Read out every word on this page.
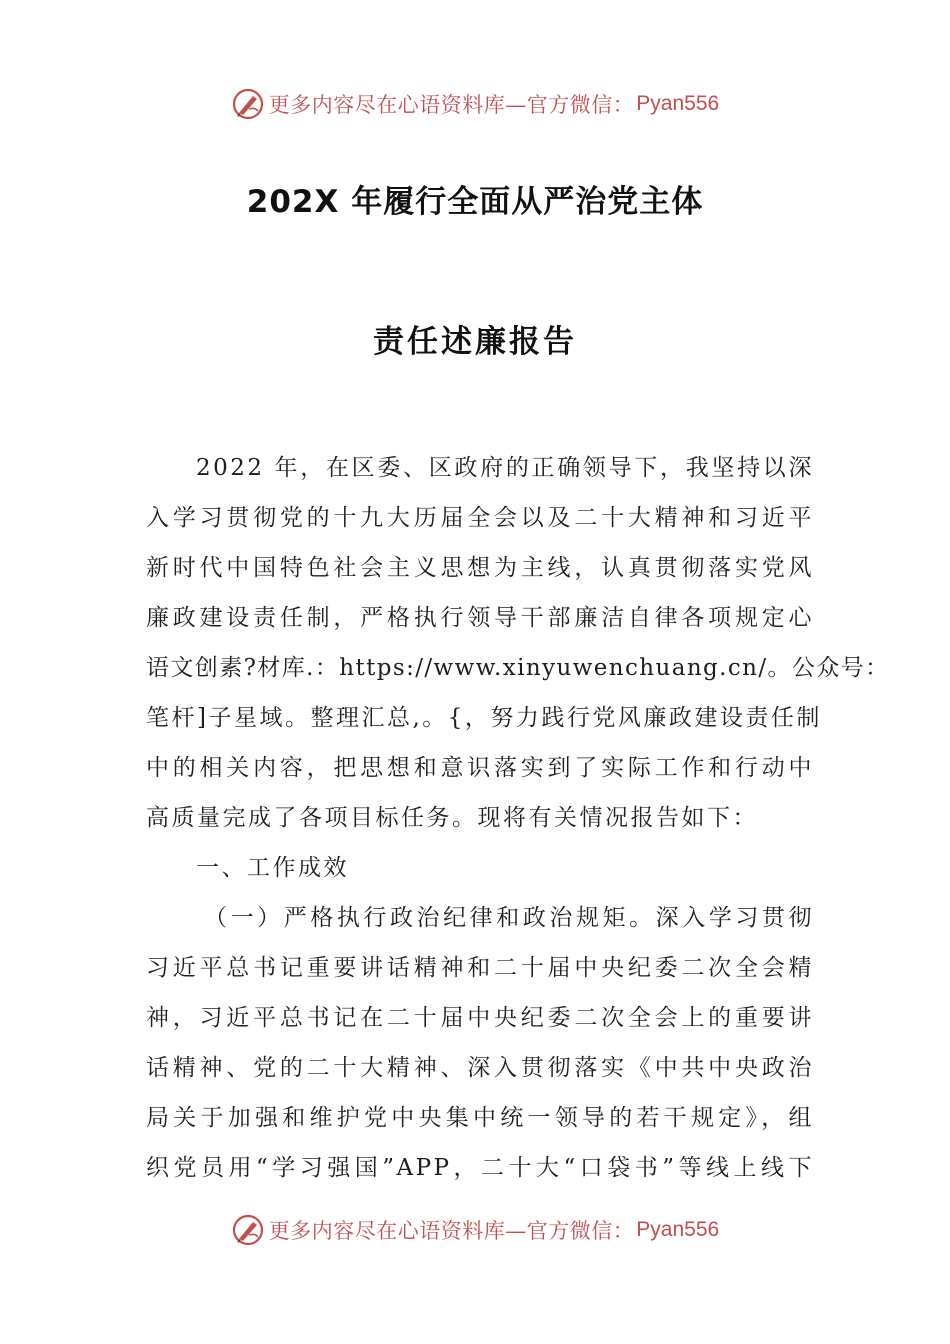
更多内容尽在心语资料库—官方微信： Pyan556
202X 年履行全面从严治党主体
责任述廉报告
2022 年，在区委、区政府的正确领导下，我坚持以深
入学习贯彻党的十九大历届全会以及二十大精神和习近平
新时代中国特色社会主义思想为主线，认真贯彻落实党风
廉政建设责任制，严格执行领导干部廉洁自律各项规定心
语文创素?材库.：https://www.xinyuwenchuang.cn/。公众号：
笔杆]子星域。整理汇总,。{，努力践行党风廉政建设责任制
中的相关内容，把思想和意识落实到了实际工作和行动中
高质量完成了各项目标任务。现将有关情况报告如下：
一、工作成效
（一）严格执行政治纪律和政治规矩。深入学习贯彻
习近平总书记重要讲话精神和二十届中央纪委二次全会精
神，习近平总书记在二十届中央纪委二次全会上的重要讲
话精神、党的二十大精神、深入贯彻落实《中共中央政治
局关于加强和维护党中央集中统一领导的若干规定》，组
织党员用“学习强国”APP，二十大“口袋书”等线上线下
更多内容尽在心语资料库—官方微信： Pyan556
